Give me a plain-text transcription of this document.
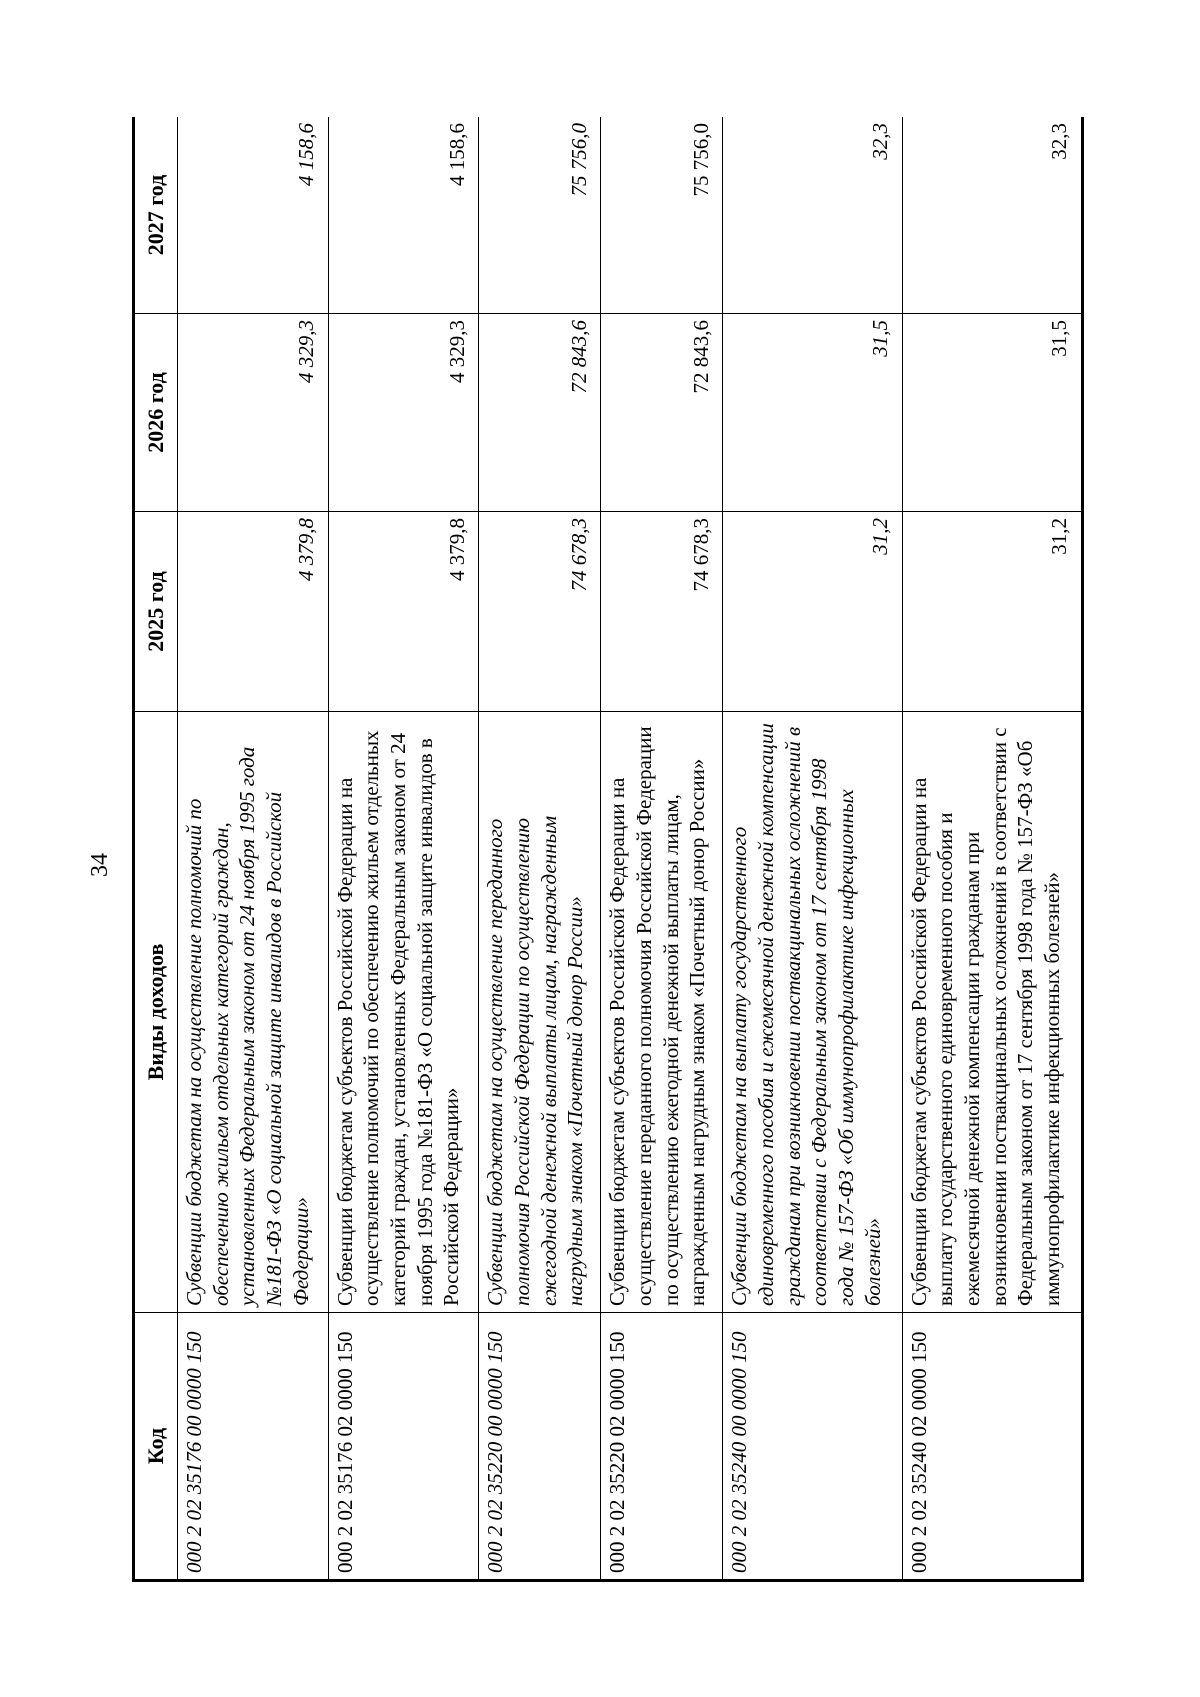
34
Код	Виды доходов	2025 год	2026 год	2027 год
000 2 02 35176 00 0000 150	Субвенции бюджетам на осуществление полномочий по обеспечению жильем отдельных категорий граждан, установленных Федеральным законом от 24 ноября 1995 года №181-ФЗ «О социальной защите инвалидов в Российской Федерации»	4 379,8	4 329,3	4 158,6
000 2 02 35176 02 0000 150	Субвенции бюджетам субъектов Российской Федерации на осуществление полномочий по обеспечению жильем отдельных категорий граждан, установленных Федеральным законом от 24 ноября 1995 года №181-ФЗ «О социальной защите инвалидов в Российской Федерации»	4 379,8	4 329,3	4 158,6
000 2 02 35220 00 0000 150	Субвенции бюджетам на осуществление переданного полномочия Российской Федерации по осуществлению ежегодной денежной выплаты лицам, награжденным нагрудным знаком «Почетный донор России»	74 678,3	72 843,6	75 756,0
000 2 02 35220 02 0000 150	Субвенции бюджетам субъектов Российской Федерации на осуществление переданного полномочия Российской Федерации по осуществлению ежегодной денежной выплаты лицам, награжденным нагрудным знаком «Почетный донор России»	74 678,3	72 843,6	75 756,0
000 2 02 35240 00 0000 150	Субвенции бюджетам на выплату государственного единовременного пособия и ежемесячной денежной компенсации гражданам при возникновении поствакцинальных осложнений в соответствии с Федеральным законом от 17 сентября 1998 года № 157-ФЗ «Об иммунопрофилактике инфекционных болезней»	31,2	31,5	32,3
000 2 02 35240 02 0000 150	Субвенции бюджетам субъектов Российской Федерации на выплату государственного единовременного пособия и ежемесячной денежной компенсации гражданам при возникновении поствакцинальных осложнений в соответствии с Федеральным законом от 17 сентября 1998 года № 157-ФЗ «Об иммунопрофилактике инфекционных болезней»	31,2	31,5	32,3
